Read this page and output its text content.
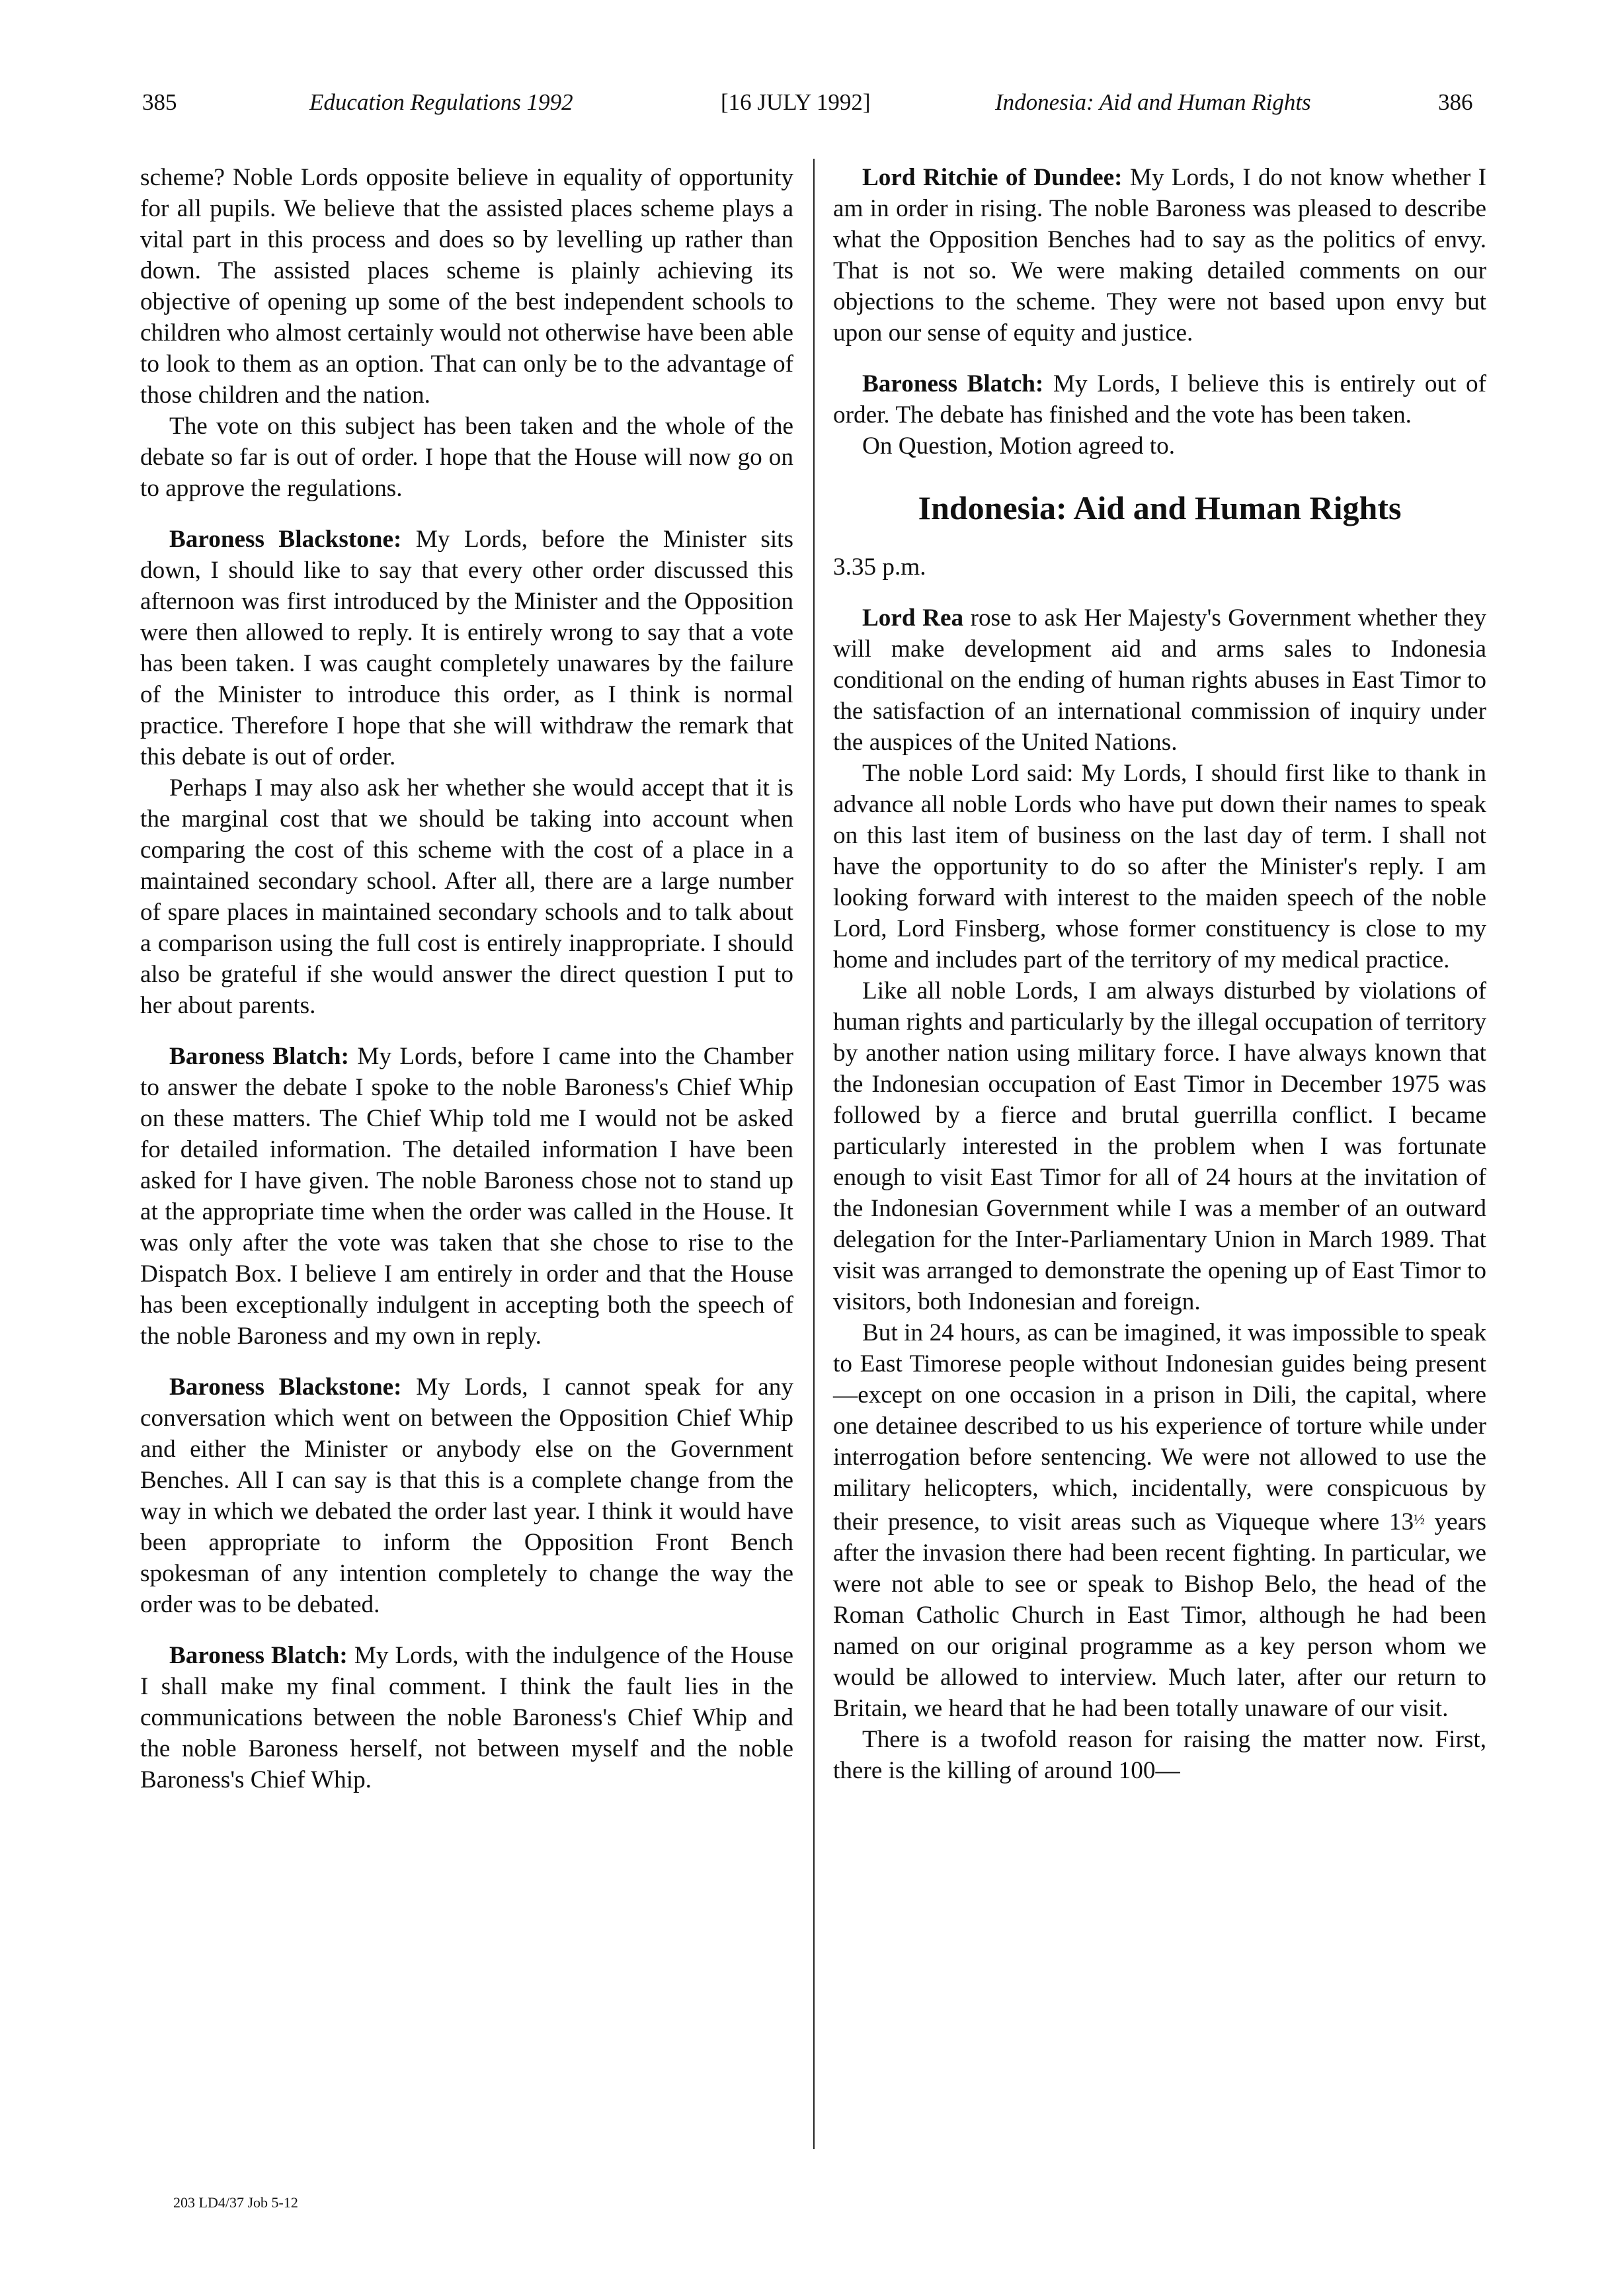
385	Education Regulations 1992	[16 JULY 1992]	Indonesia: Aid and Human Rights	386

scheme? Noble Lords opposite believe in equality of opportunity for all pupils. We believe that the assisted places scheme plays a vital part in this process and does so by levelling up rather than down. The assisted places scheme is plainly achieving its objective of opening up some of the best independent schools to children who almost certainly would not otherwise have been able to look to them as an option. That can only be to the advantage of those children and the nation.

The vote on this subject has been taken and the whole of the debate so far is out of order. I hope that the House will now go on to approve the regulations.

Baroness Blackstone: My Lords, before the Minister sits down, I should like to say that every other order discussed this afternoon was first introduced by the Minister and the Opposition were then allowed to reply. It is entirely wrong to say that a vote has been taken. I was caught completely unawares by the failure of the Minister to introduce this order, as I think is normal practice. Therefore I hope that she will withdraw the remark that this debate is out of order.

Perhaps I may also ask her whether she would accept that it is the marginal cost that we should be taking into account when comparing the cost of this scheme with the cost of a place in a maintained secondary school. After all, there are a large number of spare places in maintained secondary schools and to talk about a comparison using the full cost is entirely inappropriate. I should also be grateful if she would answer the direct question I put to her about parents.

Baroness Blatch: My Lords, before I came into the Chamber to answer the debate I spoke to the noble Baroness's Chief Whip on these matters. The Chief Whip told me I would not be asked for detailed information. The detailed information I have been asked for I have given. The noble Baroness chose not to stand up at the appropriate time when the order was called in the House. It was only after the vote was taken that she chose to rise to the Dispatch Box. I believe I am entirely in order and that the House has been exceptionally indulgent in accepting both the speech of the noble Baroness and my own in reply.

Baroness Blackstone: My Lords, I cannot speak for any conversation which went on between the Opposition Chief Whip and either the Minister or anybody else on the Government Benches. All I can say is that this is a complete change from the way in which we debated the order last year. I think it would have been appropriate to inform the Opposition Front Bench spokesman of any intention completely to change the way the order was to be debated.

Baroness Blatch: My Lords, with the indulgence of the House I shall make my final comment. I think the fault lies in the communications between the noble Baroness's Chief Whip and the noble Baroness herself, not between myself and the noble Baroness's Chief Whip.

Lord Ritchie of Dundee: My Lords, I do not know whether I am in order in rising. The noble Baroness was pleased to describe what the Opposition Benches had to say as the politics of envy. That is not so. We were making detailed comments on our objections to the scheme. They were not based upon envy but upon our sense of equity and justice.

Baroness Blatch: My Lords, I believe this is entirely out of order. The debate has finished and the vote has been taken.

On Question, Motion agreed to.

Indonesia: Aid and Human Rights

3.35 p.m.

Lord Rea rose to ask Her Majesty's Government whether they will make development aid and arms sales to Indonesia conditional on the ending of human rights abuses in East Timor to the satisfaction of an international commission of inquiry under the auspices of the United Nations.

The noble Lord said: My Lords, I should first like to thank in advance all noble Lords who have put down their names to speak on this last item of business on the last day of term. I shall not have the opportunity to do so after the Minister's reply. I am looking forward with interest to the maiden speech of the noble Lord, Lord Finsberg, whose former constituency is close to my home and includes part of the territory of my medical practice.

Like all noble Lords, I am always disturbed by violations of human rights and particularly by the illegal occupation of territory by another nation using military force. I have always known that the Indonesian occupation of East Timor in December 1975 was followed by a fierce and brutal guerrilla conflict. I became particularly interested in the problem when I was fortunate enough to visit East Timor for all of 24 hours at the invitation of the Indonesian Government while I was a member of an outward delegation for the Inter-Parliamentary Union in March 1989. That visit was arranged to demonstrate the opening up of East Timor to visitors, both Indonesian and foreign.

But in 24 hours, as can be imagined, it was impossible to speak to East Timorese people without Indonesian guides being present—except on one occasion in a prison in Dili, the capital, where one detainee described to us his experience of torture while under interrogation before sentencing. We were not allowed to use the military helicopters, which, incidentally, were conspicuous by their presence, to visit areas such as Viqueque where $13^{\frac{1}{2}}$ years after the invasion there had been recent fighting. In particular, we were not able to see or speak to Bishop Belo, the head of the Roman Catholic Church in East Timor, although he had been named on our original programme as a key person whom we would be allowed to interview. Much later, after our return to Britain, we heard that he had been totally unaware of our visit.

There is a twofold reason for raising the matter now. First, there is the killing of around 100—

203 LD4/37 Job 5-12
